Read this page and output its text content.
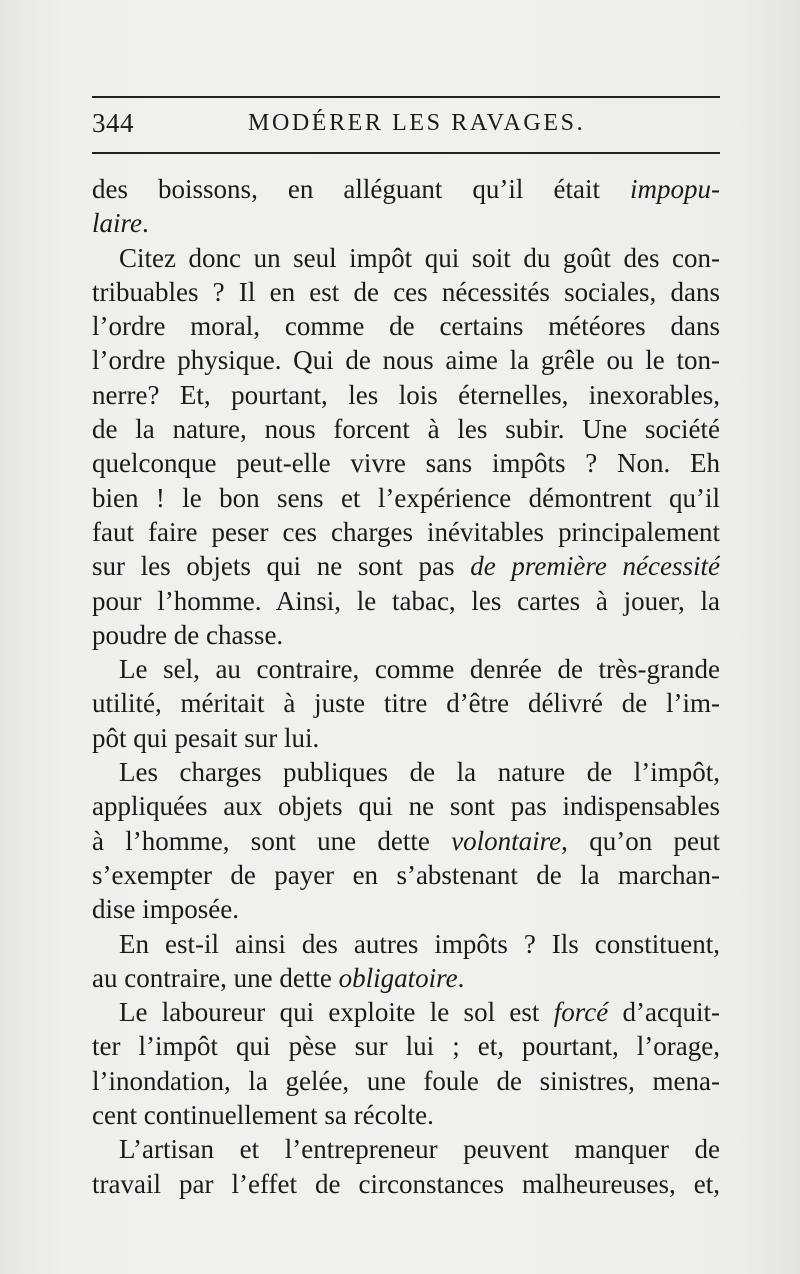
344	MODÉRER LES RAVAGES.
des boissons, en alléguant qu’il était impopu-
laire.
Citez donc un seul impôt qui soit du goût des con-
tribuables ? Il en est de ces nécessités sociales, dans
l’ordre moral, comme de certains météores dans
l’ordre physique. Qui de nous aime la grêle ou le ton-
nerre? Et, pourtant, les lois éternelles, inexorables,
de la nature, nous forcent à les subir. Une société
quelconque peut-elle vivre sans impôts ? Non. Eh
bien ! le bon sens et l’expérience démontrent qu’il
faut faire peser ces charges inévitables principalement
sur les objets qui ne sont pas de première nécessité
pour l’homme. Ainsi, le tabac, les cartes à jouer, la
poudre de chasse.
Le sel, au contraire, comme denrée de très-grande
utilité, méritait à juste titre d’être délivré de l’im-
pôt qui pesait sur lui.
Les charges publiques de la nature de l’impôt,
appliquées aux objets qui ne sont pas indispensables
à l’homme, sont une dette volontaire, qu’on peut
s’exempter de payer en s’abstenant de la marchan-
dise imposée.
En est-il ainsi des autres impôts ? Ils constituent,
au contraire, une dette obligatoire.
Le laboureur qui exploite le sol est forcé d’acquit-
ter l’impôt qui pèse sur lui ; et, pourtant, l’orage,
l’inondation, la gelée, une foule de sinistres, mena-
cent continuellement sa récolte.
L’artisan et l’entrepreneur peuvent manquer de
travail par l’effet de circonstances malheureuses, et,
